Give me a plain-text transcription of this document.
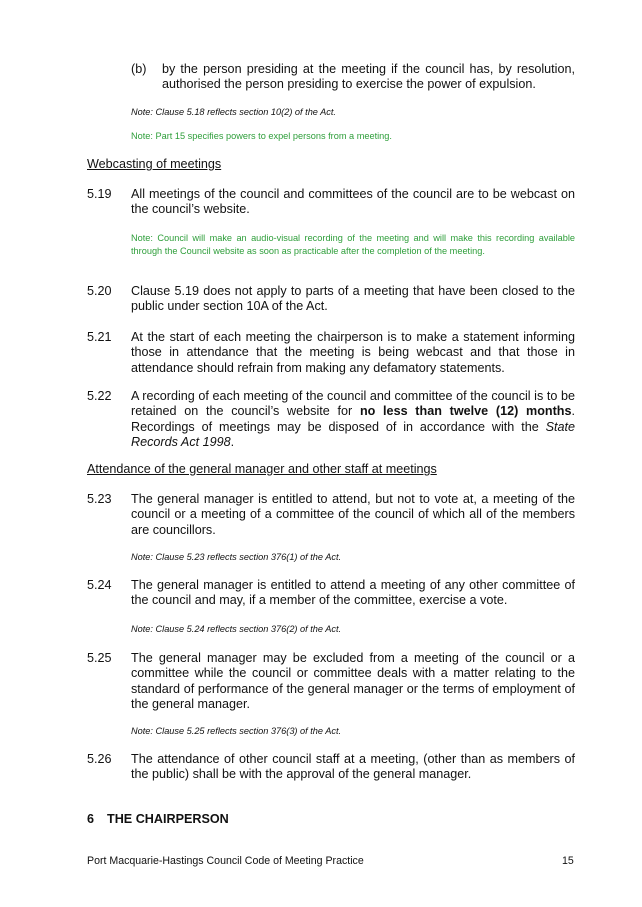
(b) by the person presiding at the meeting if the council has, by resolution, authorised the person presiding to exercise the power of expulsion.
Note: Clause 5.18 reflects section 10(2) of the Act.
Note: Part 15 specifies powers to expel persons from a meeting.
Webcasting of meetings
5.19 All meetings of the council and committees of the council are to be webcast on the council’s website.
Note: Council will make an audio-visual recording of the meeting and will make this recording available through the Council website as soon as practicable after the completion of the meeting.
5.20 Clause 5.19 does not apply to parts of a meeting that have been closed to the public under section 10A of the Act.
5.21 At the start of each meeting the chairperson is to make a statement informing those in attendance that the meeting is being webcast and that those in attendance should refrain from making any defamatory statements.
5.22 A recording of each meeting of the council and committee of the council is to be retained on the council’s website for no less than twelve (12) months. Recordings of meetings may be disposed of in accordance with the State Records Act 1998.
Attendance of the general manager and other staff at meetings
5.23 The general manager is entitled to attend, but not to vote at, a meeting of the council or a meeting of a committee of the council of which all of the members are councillors.
Note: Clause 5.23 reflects section 376(1) of the Act.
5.24 The general manager is entitled to attend a meeting of any other committee of the council and may, if a member of the committee, exercise a vote.
Note: Clause 5.24 reflects section 376(2) of the Act.
5.25 The general manager may be excluded from a meeting of the council or a committee while the council or committee deals with a matter relating to the standard of performance of the general manager or the terms of employment of the general manager.
Note: Clause 5.25 reflects section 376(3) of the Act.
5.26 The attendance of other council staff at a meeting, (other than as members of the public) shall be with the approval of the general manager.
6 THE CHAIRPERSON
Port Macquarie-Hastings Council Code of Meeting Practice	15
